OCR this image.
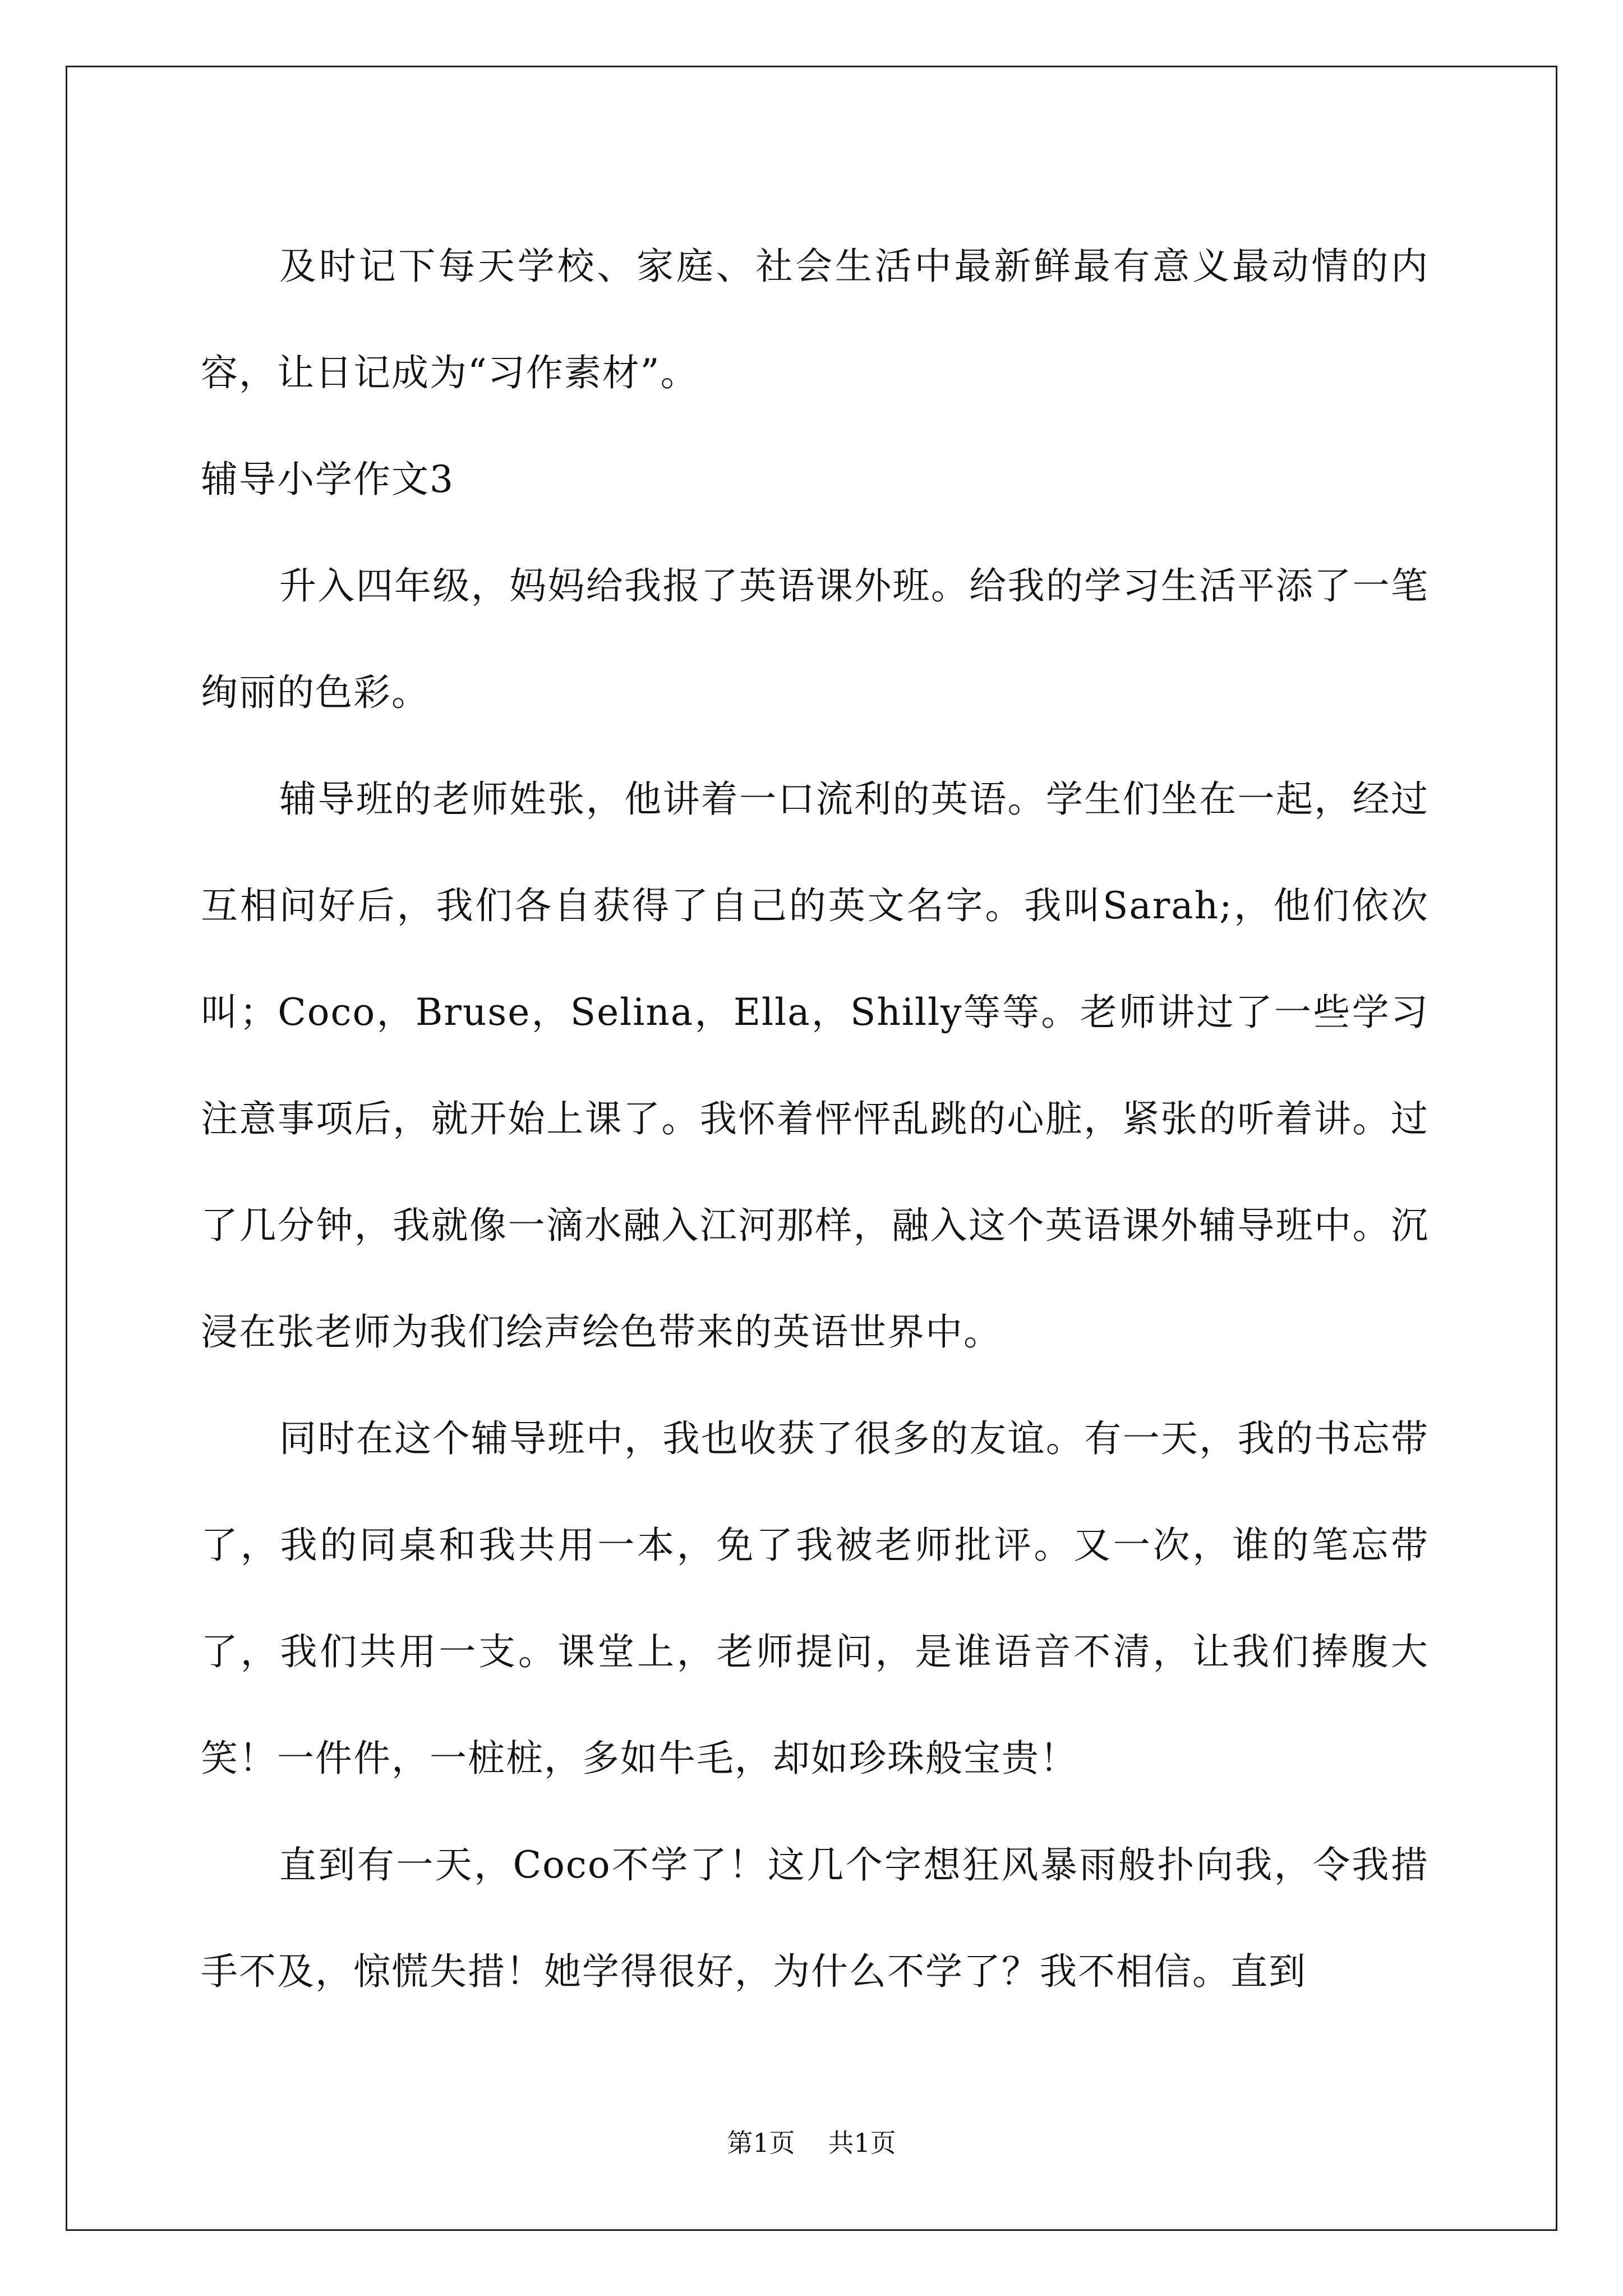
及时记下每天学校、家庭、社会生活中最新鲜最有意义最动情的内容，让日记成为“习作素材”。

辅导小学作文3

升入四年级，妈妈给我报了英语课外班。给我的学习生活平添了一笔绚丽的色彩。

辅导班的老师姓张，他讲着一口流利的英语。学生们坐在一起，经过互相问好后，我们各自获得了自己的英文名字。我叫Sarah;，他们依次叫；Coco，Bruse，Selina，Ella，Shilly等等。老师讲过了一些学习注意事项后，就开始上课了。我怀着怦怦乱跳的心脏，紧张的听着讲。过了几分钟，我就像一滴水融入江河那样，融入这个英语课外辅导班中。沉浸在张老师为我们绘声绘色带来的英语世界中。

同时在这个辅导班中，我也收获了很多的友谊。有一天，我的书忘带了，我的同桌和我共用一本，免了我被老师批评。又一次，谁的笔忘带了，我们共用一支。课堂上，老师提问，是谁语音不清，让我们捧腹大笑！一件件，一桩桩，多如牛毛，却如珍珠般宝贵！

直到有一天，Coco不学了！这几个字想狂风暴雨般扑向我，令我措手不及，惊慌失措！她学得很好，为什么不学了？我不相信。直到

第1页 共1页
